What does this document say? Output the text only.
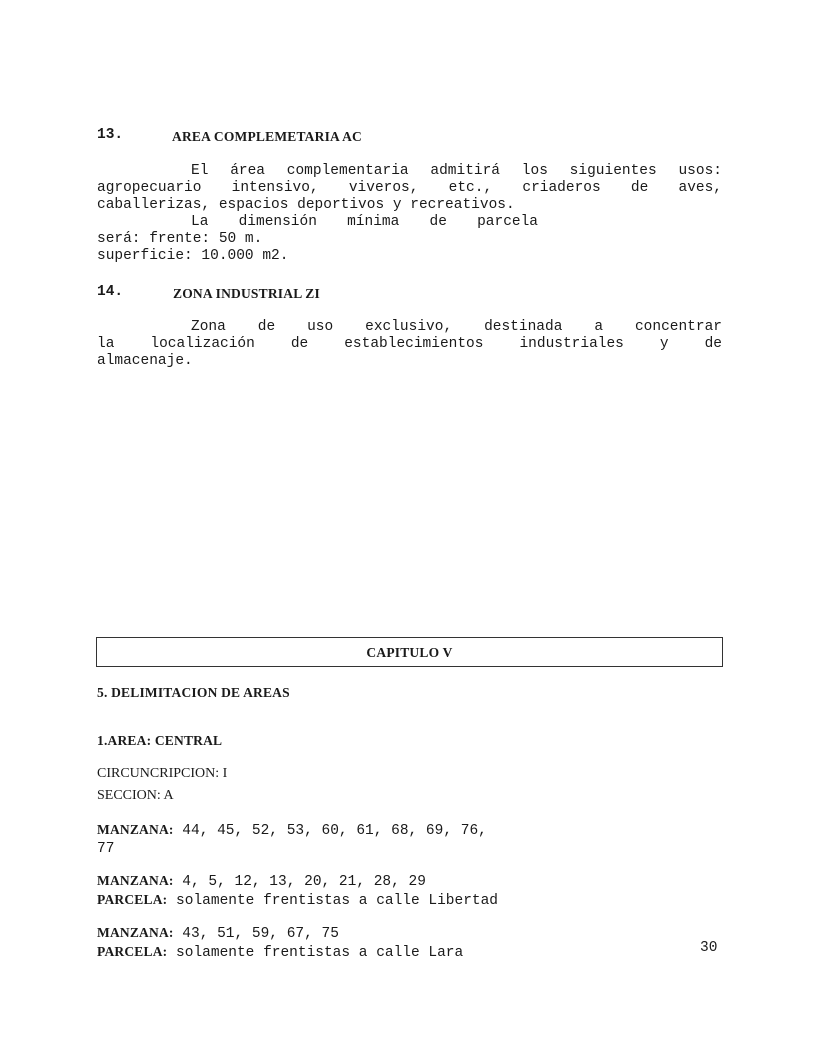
13.	AREA COMPLEMETARIA AC
El área complementaria admitirá los siguientes usos:
agropecuario intensivo, viveros, etc., criaderos de aves,
caballerizas, espacios deportivos y recreativos.
La dimensión mínima de parcela
será: frente: 50 m.
superficie: 10.000 m2.
14.	ZONA INDUSTRIAL ZI
Zona de uso exclusivo, destinada a concentrar
la localización de establecimientos industriales y de
almacenaje.
CAPITULO V
5. DELIMITACION DE AREAS
1.AREA: CENTRAL
CIRCUNCRIPCION: I
SECCION: A
MANZANA: 44, 45, 52, 53, 60, 61, 68, 69, 76,
77
MANZANA: 4, 5, 12, 13, 20, 21, 28, 29
PARCELA: solamente frentistas a calle Libertad
MANZANA: 43, 51, 59, 67, 75
PARCELA: solamente frentistas a calle Lara	30
